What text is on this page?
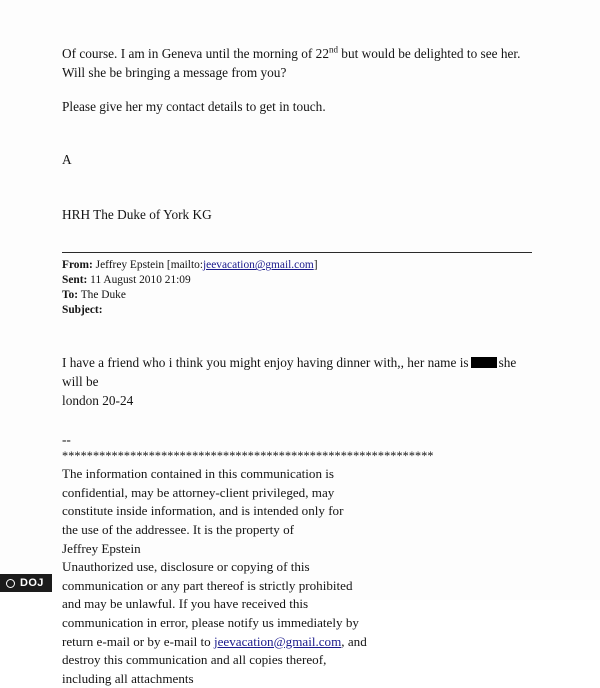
Of course. I am in Geneva until the morning of 22nd but would be delighted to see her. Will she be bringing a message from you?

Please give her my contact details to get in touch.

A

HRH The Duke of York KG

From: Jeffrey Epstein [mailto:jeevacation@gmail.com]
Sent: 11 August 2010 21:09
To: The Duke
Subject:
I have a friend who i think you might enjoy having dinner with,, her name is she will be
london 20-24
--
************************************************************
The information contained in this communication is
confidential, may be attorney-client privileged, may
constitute inside information, and is intended only for
the use of the addressee. It is the property of
Jeffrey Epstein
Unauthorized use, disclosure or copying of this
communication or any part thereof is strictly prohibited
and may be unlawful. If you have received this
communication in error, please notify us immediately by
return e-mail or by e-mail to jeevacation@gmail.com, and
destroy this communication and all copies thereof,
including all attachments
DOJ
